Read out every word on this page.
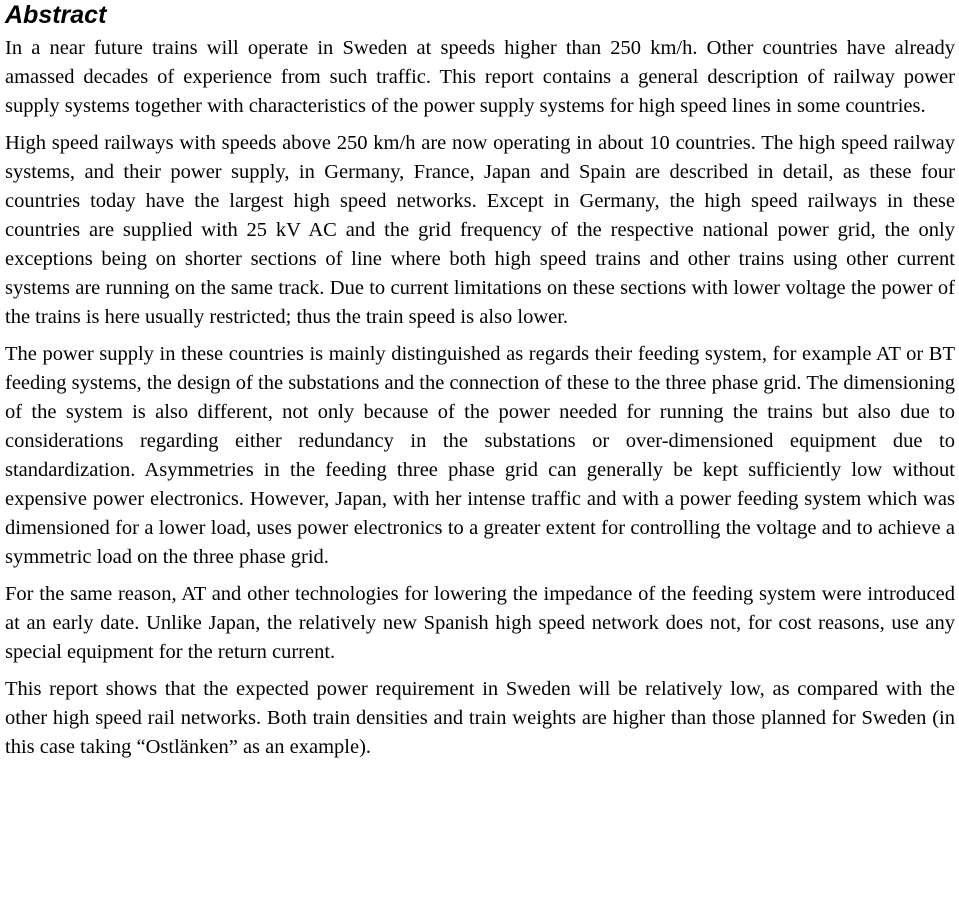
Abstract

In a near future trains will operate in Sweden at speeds higher than 250 km/h. Other countries have already amassed decades of experience from such traffic. This report contains a general description of railway power supply systems together with characteristics of the power supply systems for high speed lines in some countries.

High speed railways with speeds above 250 km/h are now operating in about 10 countries. The high speed railway systems, and their power supply, in Germany, France, Japan and Spain are described in detail, as these four countries today have the largest high speed networks. Except in Germany, the high speed railways in these countries are supplied with 25 kV AC and the grid frequency of the respective national power grid, the only exceptions being on shorter sections of line where both high speed trains and other trains using other current systems are running on the same track. Due to current limitations on these sections with lower voltage the power of the trains is here usually restricted; thus the train speed is also lower.

The power supply in these countries is mainly distinguished as regards their feeding system, for example AT or BT feeding systems, the design of the substations and the connection of these to the three phase grid. The dimensioning of the system is also different, not only because of the power needed for running the trains but also due to considerations regarding either redundancy in the substations or over-dimensioned equipment due to standardization. Asymmetries in the feeding three phase grid can generally be kept sufficiently low without expensive power electronics. However, Japan, with her intense traffic and with a power feeding system which was dimensioned for a lower load, uses power electronics to a greater extent for controlling the voltage and to achieve a symmetric load on the three phase grid.

For the same reason, AT and other technologies for lowering the impedance of the feeding system were introduced at an early date. Unlike Japan, the relatively new Spanish high speed network does not, for cost reasons, use any special equipment for the return current.

This report shows that the expected power requirement in Sweden will be relatively low, as compared with the other high speed rail networks. Both train densities and train weights are higher than those planned for Sweden (in this case taking “Ostlänken” as an example).
